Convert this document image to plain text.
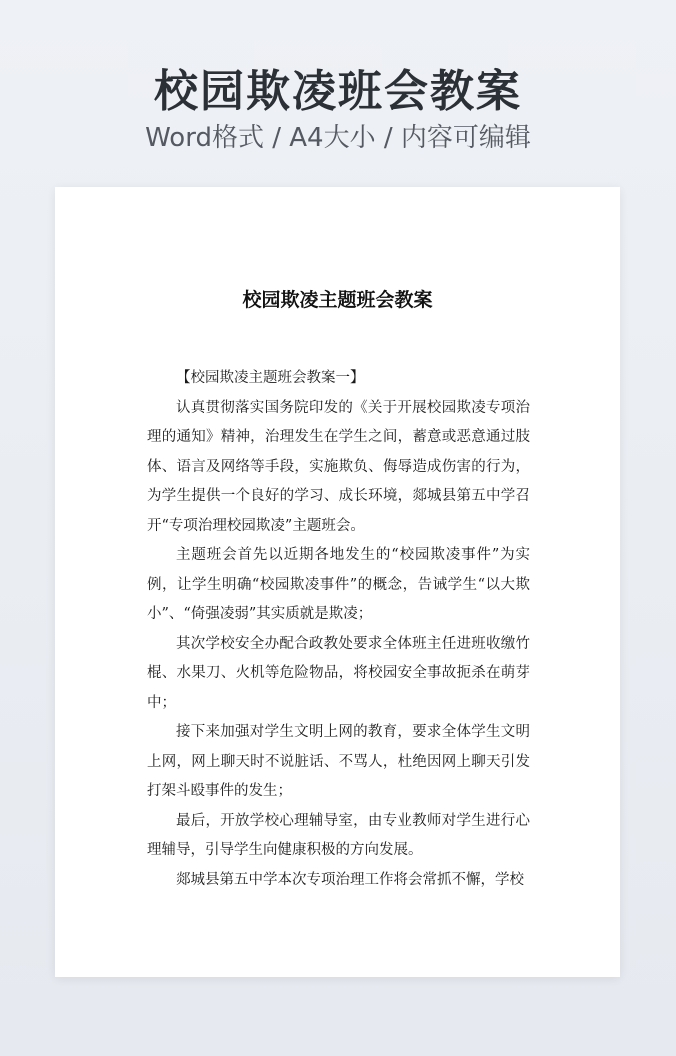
校园欺凌班会教案
Word格式 / A4大小 / 内容可编辑
校园欺凌主题班会教案

【校园欺凌主题班会教案一】

认真贯彻落实国务院印发的《关于开展校园欺凌专项治理的通知》精神，治理发生在学生之间，蓄意或恶意通过肢体、语言及网络等手段，实施欺负、侮辱造成伤害的行为，为学生提供一个良好的学习、成长环境，郯城县第五中学召开“专项治理校园欺凌”主题班会。

主题班会首先以近期各地发生的“校园欺凌事件”为实例，让学生明确“校园欺凌事件”的概念，告诫学生“以大欺小”、“倚强凌弱”其实质就是欺凌；

其次学校安全办配合政教处要求全体班主任进班收缴竹棍、水果刀、火机等危险物品，将校园安全事故扼杀在萌芽中；

接下来加强对学生文明上网的教育，要求全体学生文明上网，网上聊天时不说脏话、不骂人，杜绝因网上聊天引发打架斗殴事件的发生；

最后，开放学校心理辅导室，由专业教师对学生进行心理辅导，引导学生向健康积极的方向发展。

郯城县第五中学本次专项治理工作将会常抓不懈，学校
